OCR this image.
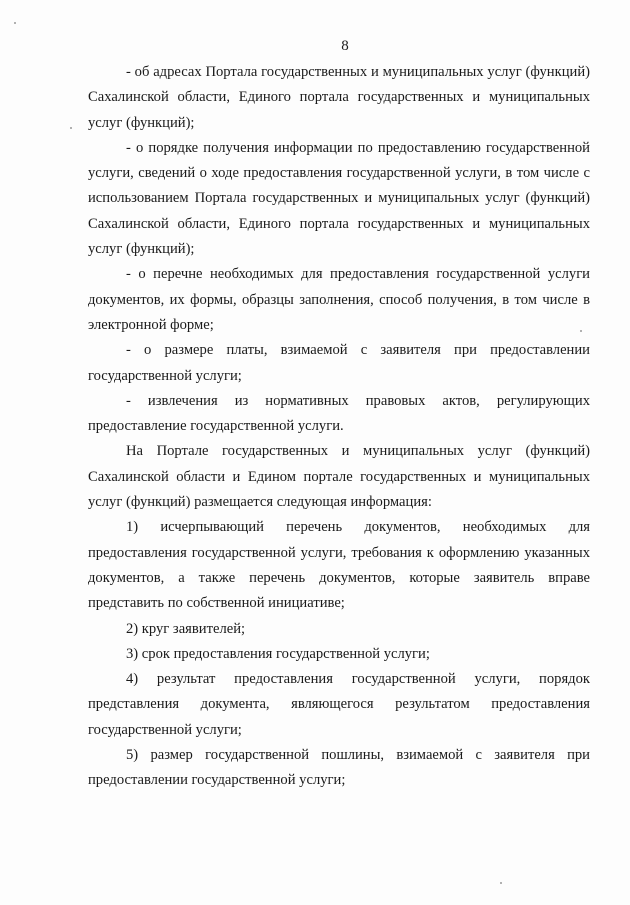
8

- об адресах Портала государственных и муниципальных услуг (функций) Сахалинской области, Единого портала государственных и муниципальных услуг (функций);

- о порядке получения информации по предоставлению государственной услуги, сведений о ходе предоставления государственной услуги, в том числе с использованием Портала государственных и муниципальных услуг (функций) Сахалинской области, Единого портала государственных и муниципальных услуг (функций);

- о перечне необходимых для предоставления государственной услуги документов, их формы, образцы заполнения, способ получения, в том числе в электронной форме;

- о размере платы, взимаемой с заявителя при предоставлении государственной услуги;

- извлечения из нормативных правовых актов, регулирующих предоставление государственной услуги.

На Портале государственных и муниципальных услуг (функций) Сахалинской области и Едином портале государственных и муниципальных услуг (функций) размещается следующая информация:

1) исчерпывающий перечень документов, необходимых для предоставления государственной услуги, требования к оформлению указанных документов, а также перечень документов, которые заявитель вправе представить по собственной инициативе;

2) круг заявителей;

3) срок предоставления государственной услуги;

4) результат предоставления государственной услуги, порядок представления документа, являющегося результатом предоставления государственной услуги;

5) размер государственной пошлины, взимаемой с заявителя при предоставлении государственной услуги;
